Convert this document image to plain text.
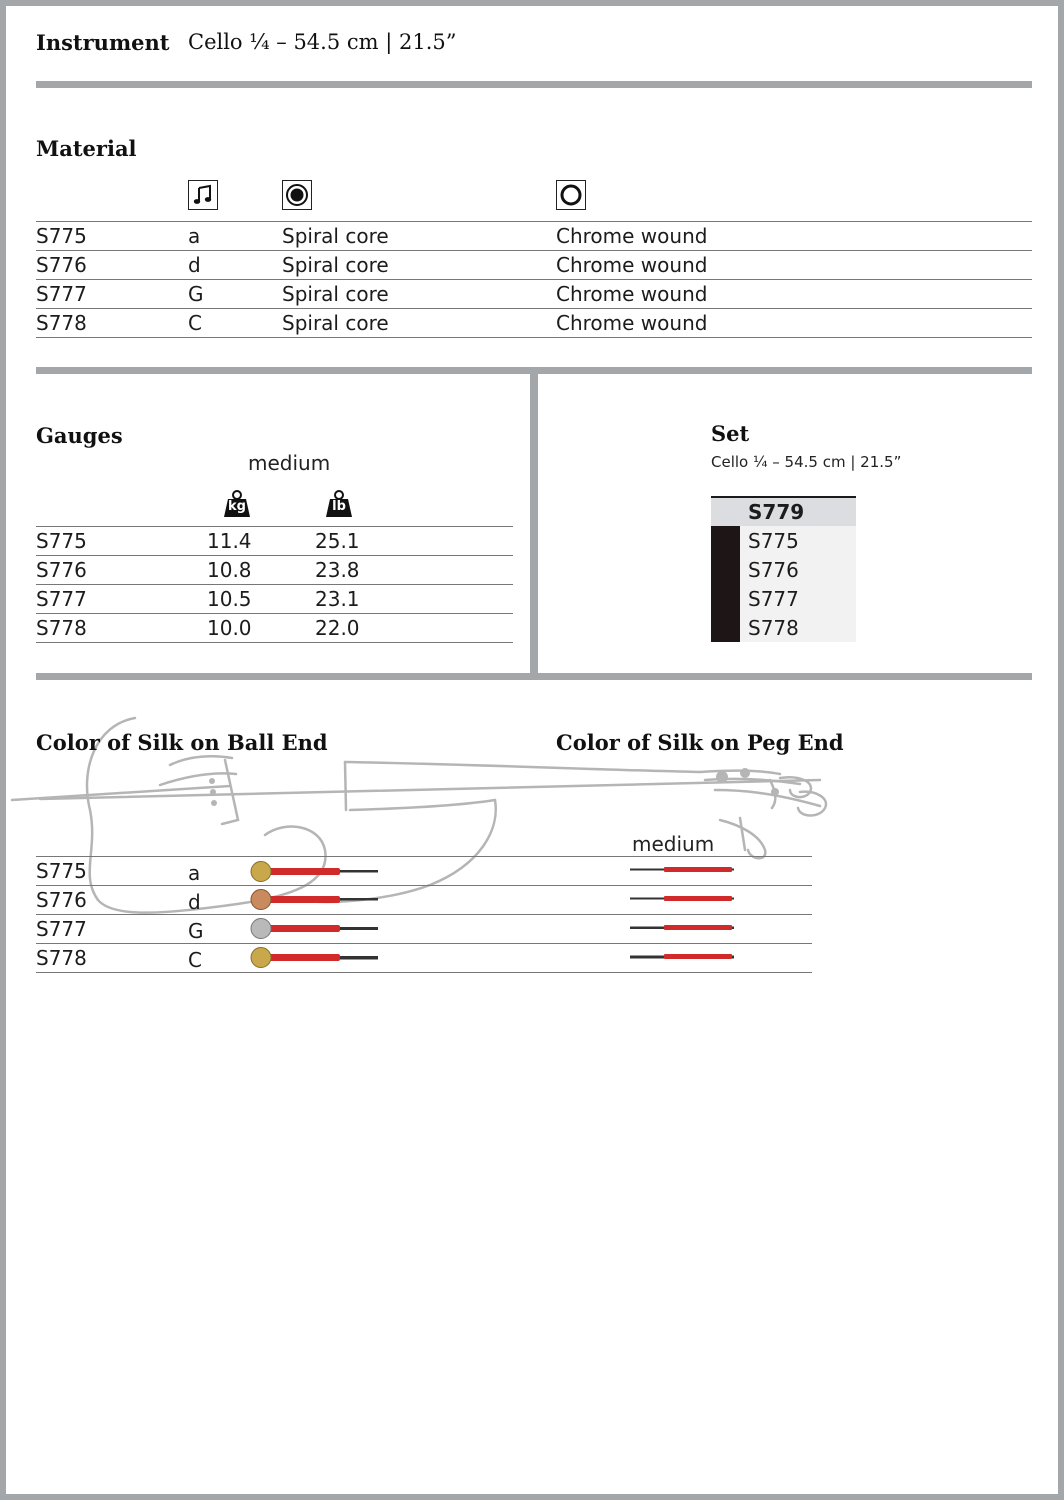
Instrument Cello ¼ – 54.5 cm | 21.5”
Material
S775	a	Spiral core	Chrome wound
S776	d	Spiral core	Chrome wound
S777	G	Spiral core	Chrome wound
S778	C	Spiral core	Chrome wound
Gauges
medium
kg	lb
S775	11.4	25.1
S776	10.8	23.8
S777	10.5	23.1
S778	10.0	22.0
Set
Cello ¼ – 54.5 cm | 21.5”
S779
S775
S776
S777
S778
Color of Silk on Ball End	Color of Silk on Peg End
medium
S775	a
S776	d
S777	G
S778	C
